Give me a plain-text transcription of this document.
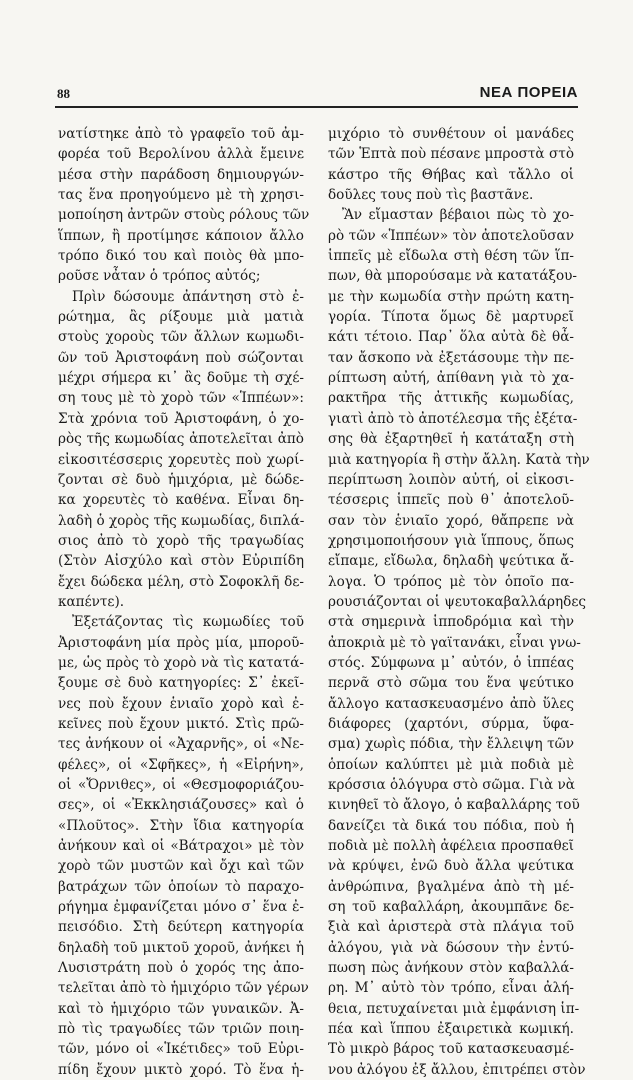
88	ΝΕΑ ΠΟΡΕΙΑ
νατίστηκε ἀπὸ τὸ γραφεῖο τοῦ ἀμ-
φορέα τοῦ Βερολίνου ἀλλὰ ἔμεινε
μέσα στὴν παράδοση δημιουργών-
τας ἕνα προηγούμενο μὲ τὴ χρησι-
μοποίηση ἀντρῶν στοὺς ρόλους τῶν
ἵππων, ἢ προτίμησε κάποιον ἄλλο
τρόπο δικό του καὶ ποιὸς θὰ μπο-
ροῦσε νἆταν ὁ τρόπος αὐτός;
Πρὶν δώσουμε ἀπάντηση στὸ ἐ-
ρώτημα, ἂς ρίξουμε μιὰ ματιὰ
στοὺς χοροὺς τῶν ἄλλων κωμωδι-
ῶν τοῦ Ἀριστοφάνη ποὺ σώζονται
μέχρι σήμερα κι᾿ ἂς δοῦμε τὴ σχέ-
ση τους μὲ τὸ χορὸ τῶν «Ἱππέων»:
Στὰ χρόνια τοῦ Ἀριστοφάνη, ὁ χο-
ρὸς τῆς κωμωδίας ἀποτελεῖται ἀπὸ
εἰκοσιτέσσερις χορευτὲς ποὺ χωρί-
ζονται σὲ δυὸ ἡμιχόρια, μὲ δώδε-
κα χορευτὲς τὸ καθένα. Εἶναι δη-
λαδὴ ὁ χορὸς τῆς κωμωδίας, διπλά-
σιος ἀπὸ τὸ χορὸ τῆς τραγωδίας
(Στὸν Αἰσχύλο καὶ στὸν Εὐριπίδη
ἔχει δώδεκα μέλη, στὸ Σοφοκλῆ δε-
καπέντε).
Ἐξετάζοντας τὶς κωμωδίες τοῦ
Ἀριστοφάνη μία πρὸς μία, μποροῦ-
με, ὡς πρὸς τὸ χορὸ νὰ τὶς κατατά-
ξουμε σὲ δυὸ κατηγορίες: Σ᾿ ἐκεῖ-
νες ποὺ ἔχουν ἑνιαῖο χορὸ καὶ ἐ-
κεῖνες ποὺ ἔχουν μικτό. Στὶς πρῶ-
τες ἀνήκουν οἱ «Ἀχαρνῆς», οἱ «Νε-
φέλες», οἱ «Σφῆκες», ἡ «Εἰρήνη»,
οἱ «Ὄρνιθες», οἱ «Θεσμοφοριάζου-
σες», οἱ «Ἐκκλησιάζουσες» καὶ ὁ
«Πλοῦτος». Στὴν ἴδια κατηγορία
ἀνήκουν καὶ οἱ «Βάτραχοι» μὲ τὸν
χορὸ τῶν μυστῶν καὶ ὄχι καὶ τῶν
βατράχων τῶν ὁποίων τὸ παραχο-
ρήγημα ἐμφανίζεται μόνο σ᾿ ἕνα ἐ-
πεισόδιο. Στὴ δεύτερη κατηγορία
δηλαδὴ τοῦ μικτοῦ χοροῦ, ἀνήκει ἡ
Λυσιστράτη ποὺ ὁ χορός της ἀπο-
τελεῖται ἀπὸ τὸ ἡμιχόριο τῶν γέρων
καὶ τὸ ἡμιχόριο τῶν γυναικῶν. Ἀ-
πὸ τὶς τραγωδίες τῶν τριῶν ποιη-
τῶν, μόνο οἱ «Ἱκέτιδες» τοῦ Εὐρι-
πίδη ἔχουν μικτὸ χορό. Τὸ ἕνα ἡ-
μιχόριο τὸ συνθέτουν οἱ μανάδες
τῶν Ἑπτὰ ποὺ πέσανε μπροστὰ στὸ
κάστρο τῆς Θήβας καὶ τἄλλο οἱ
δοῦλες τους ποὺ τὶς βαστᾶνε.
Ἂν εἴμασταν βέβαιοι πὼς τὸ χο-
ρὸ τῶν «Ἱππέων» τὸν ἀποτελοῦσαν
ἱππεῖς μὲ εἴδωλα στὴ θέση τῶν ἵπ-
πων, θὰ μπορούσαμε νὰ κατατάξου-
με τὴν κωμωδία στὴν πρώτη κατη-
γορία. Τίποτα ὅμως δὲ μαρτυρεῖ
κάτι τέτοιο. Παρ᾿ ὅλα αὐτὰ δὲ θἆ-
ταν ἄσκοπο νὰ ἐξετάσουμε τὴν πε-
ρίπτωση αὐτή, ἀπίθανη γιὰ τὸ χα-
ρακτῆρα τῆς ἀττικῆς κωμωδίας,
γιατὶ ἀπὸ τὸ ἀποτέλεσμα τῆς ἐξέτα-
σης θὰ ἐξαρτηθεῖ ἡ κατάταξη στὴ
μιὰ κατηγορία ἢ στὴν ἄλλη. Κατὰ τὴν
περίπτωση λοιπὸν αὐτή, οἱ εἰκοσι-
τέσσερις ἱππεῖς ποὺ θ᾿ ἀποτελοῦ-
σαν τὸν ἑνιαῖο χορό, θἄπρεπε νὰ
χρησιμοποιήσουν γιὰ ἵππους, ὅπως
εἴπαμε, εἴδωλα, δηλαδὴ ψεύτικα ἄ-
λογα. Ὁ τρόπος μὲ τὸν ὁποῖο πα-
ρουσιάζονται οἱ ψευτοκαβαλλάρηδες
στὰ σημερινὰ ἱπποδρόμια καὶ τὴν
ἀποκριὰ μὲ τὸ γαϊτανάκι, εἶναι γνω-
στός. Σύμφωνα μ᾿ αὐτόν, ὁ ἱππέας
περνᾶ στὸ σῶμα του ἕνα ψεύτικο
ἄλλογο κατασκευασμένο ἀπὸ ὕλες
διάφορες (χαρτόνι, σύρμα, ὕφα-
σμα) χωρὶς πόδια, τὴν ἔλλειψη τῶν
ὁποίων καλύπτει μὲ μιὰ ποδιὰ μὲ
κρόσσια ὁλόγυρα στὸ σῶμα. Γιὰ νὰ
κινηθεῖ τὸ ἄλογο, ὁ καβαλλάρης τοῦ
δανείζει τὰ δικά του πόδια, ποὺ ἡ
ποδιὰ μὲ πολλὴ ἀφέλεια προσπαθεῖ
νὰ κρύψει, ἐνῶ δυὸ ἄλλα ψεύτικα
ἀνθρώπινα, βγαλμένα ἀπὸ τὴ μέ-
ση τοῦ καβαλλάρη, ἀκουμπᾶνε δε-
ξιὰ καὶ ἀριστερὰ στὰ πλάγια τοῦ
ἀλόγου, γιὰ νὰ δώσουν τὴν ἐντύ-
πωση πὼς ἀνήκουν στὸν καβαλλά-
ρη. Μ᾿ αὐτὸ τὸν τρόπο, εἶναι ἀλή-
θεια, πετυχαίνεται μιὰ ἐμφάνιση ἱπ-
πέα καὶ ἵππου ἐξαιρετικὰ κωμική.
Τὸ μικρὸ βάρος τοῦ κατασκευασμέ-
νου ἀλόγου ἐξ ἄλλου, ἐπιτρέπει στὸν
